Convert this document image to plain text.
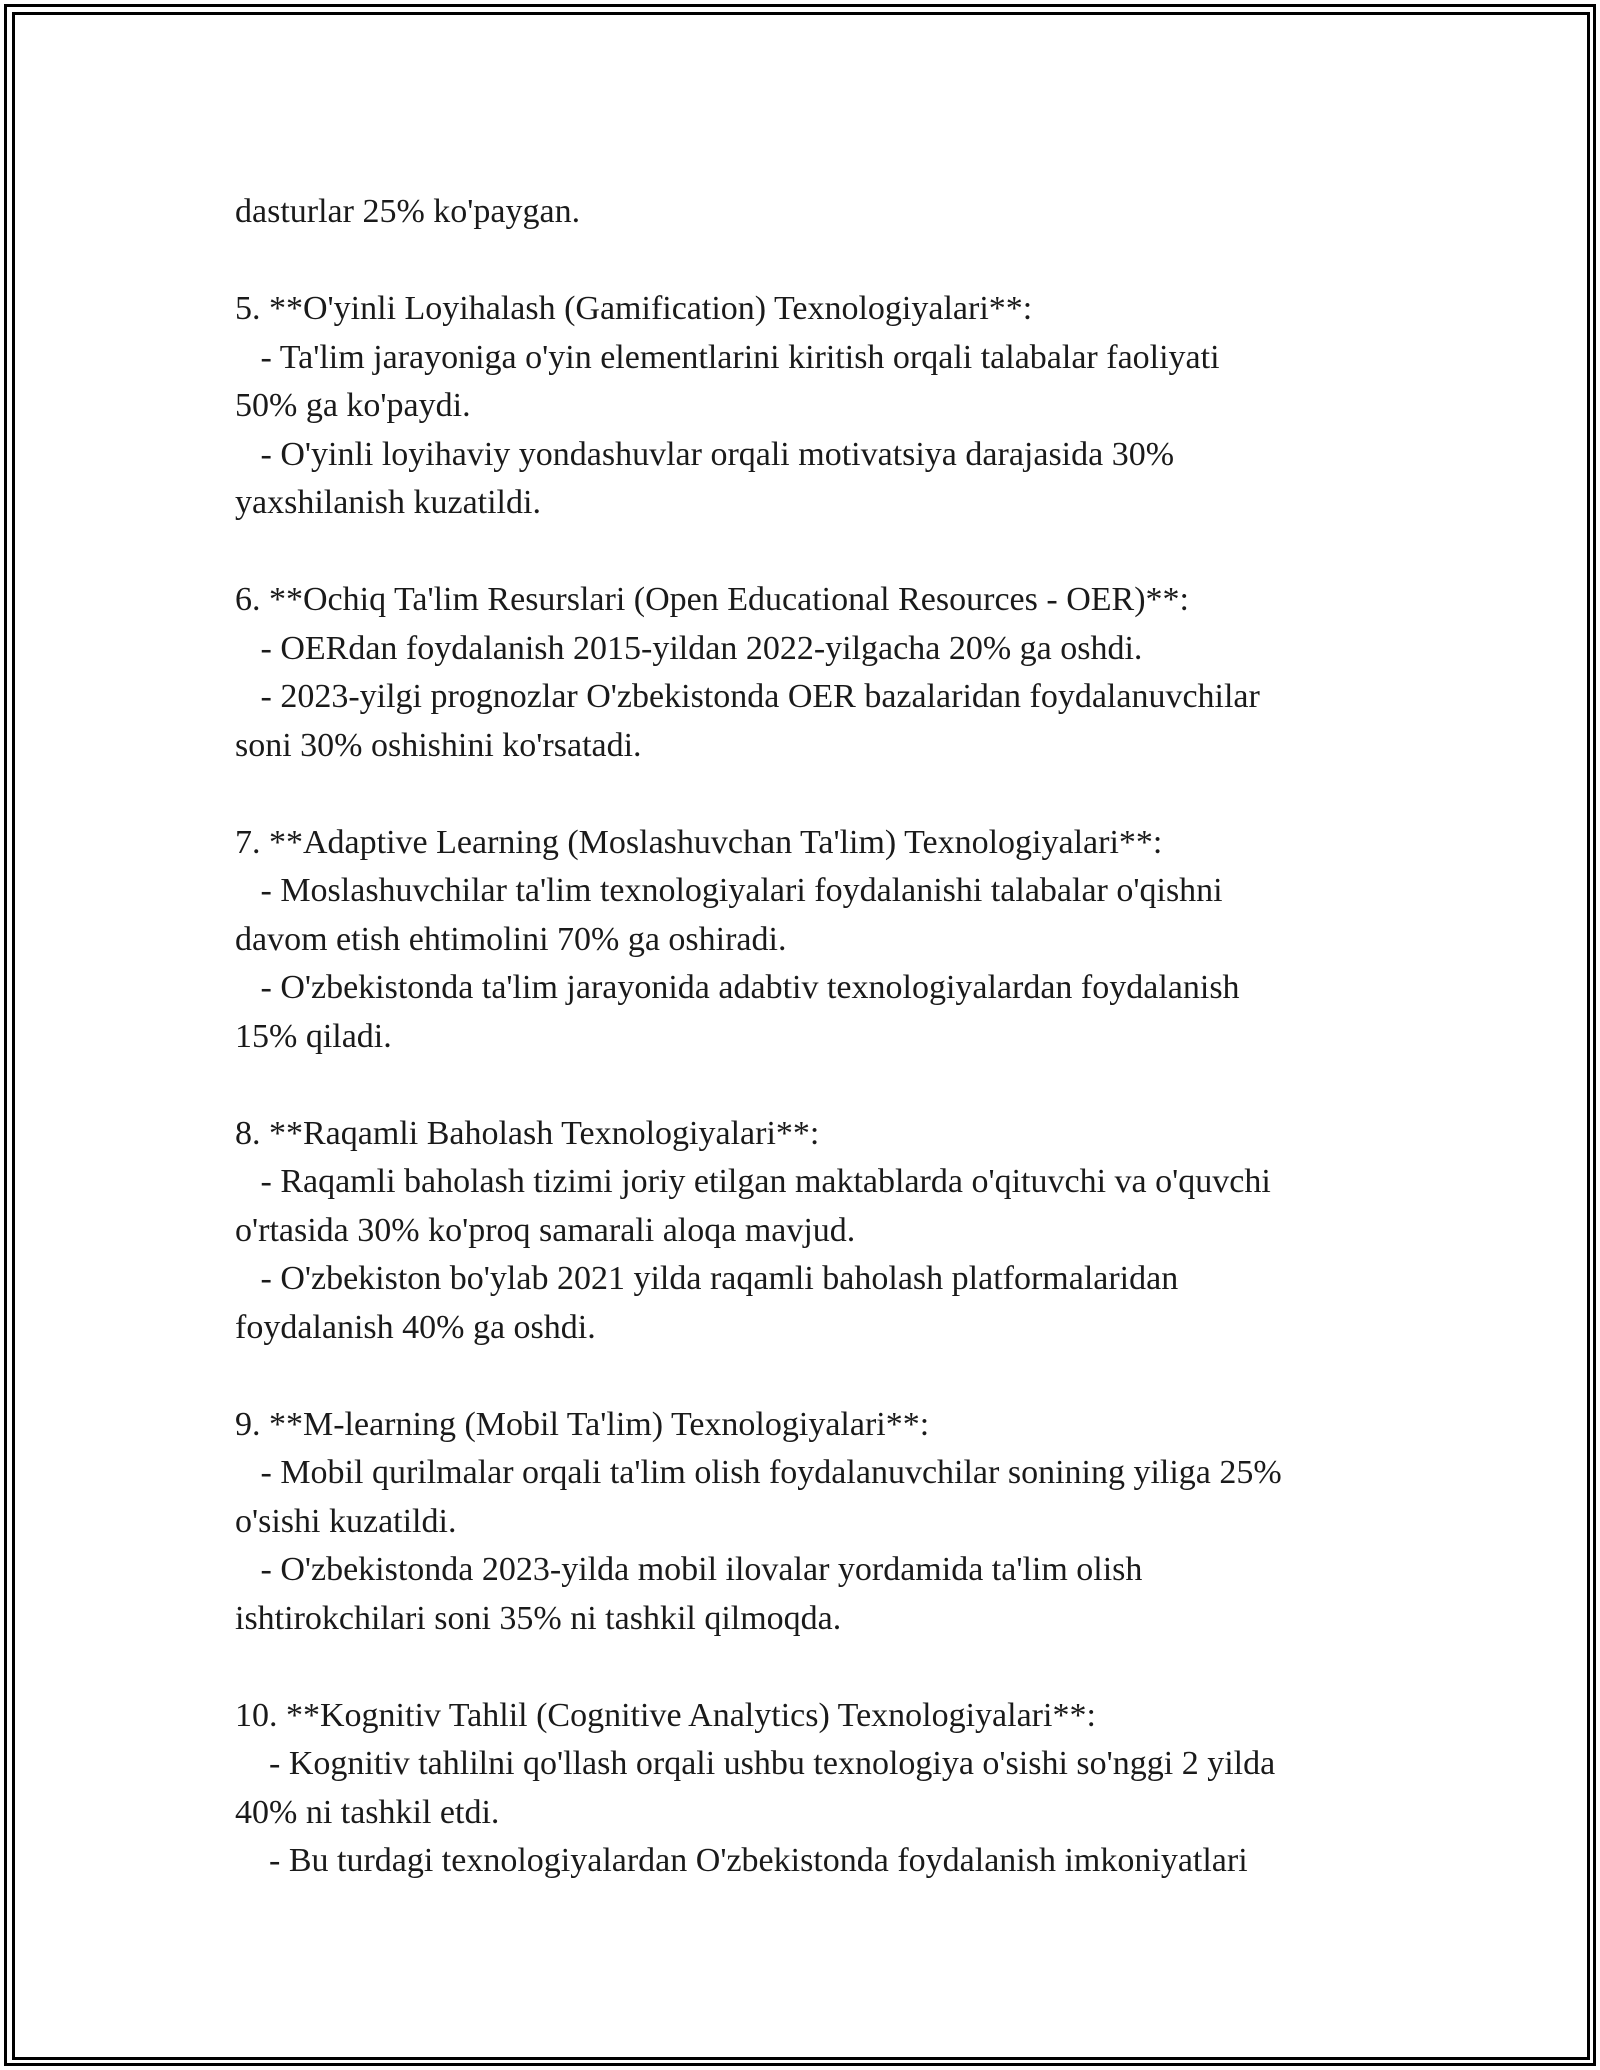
dasturlar 25% ko'paygan.
5. **O'yinli Loyihalash (Gamification) Texnologiyalari**:
- Ta'lim jarayoniga o'yin elementlarini kiritish orqali talabalar faoliyati
50% ga ko'paydi.
- O'yinli loyihaviy yondashuvlar orqali motivatsiya darajasida 30%
yaxshilanish kuzatildi.
6. **Ochiq Ta'lim Resurslari (Open Educational Resources - OER)**:
- OERdan foydalanish 2015-yildan 2022-yilgacha 20% ga oshdi.
- 2023-yilgi prognozlar O'zbekistonda OER bazalaridan foydalanuvchilar
soni 30% oshishini ko'rsatadi.
7. **Adaptive Learning (Moslashuvchan Ta'lim) Texnologiyalari**:
- Moslashuvchilar ta'lim texnologiyalari foydalanishi talabalar o'qishni
davom etish ehtimolini 70% ga oshiradi.
- O'zbekistonda ta'lim jarayonida adabtiv texnologiyalardan foydalanish
15% qiladi.
8. **Raqamli Baholash Texnologiyalari**:
- Raqamli baholash tizimi joriy etilgan maktablarda o'qituvchi va o'quvchi
o'rtasida 30% ko'proq samarali aloqa mavjud.
- O'zbekiston bo'ylab 2021 yilda raqamli baholash platformalaridan
foydalanish 40% ga oshdi.
9. **M-learning (Mobil Ta'lim) Texnologiyalari**:
- Mobil qurilmalar orqali ta'lim olish foydalanuvchilar sonining yiliga 25%
o'sishi kuzatildi.
- O'zbekistonda 2023-yilda mobil ilovalar yordamida ta'lim olish
ishtirokchilari soni 35% ni tashkil qilmoqda.
10. **Kognitiv Tahlil (Cognitive Analytics) Texnologiyalari**:
- Kognitiv tahlilni qo'llash orqali ushbu texnologiya o'sishi so'nggi 2 yilda
40% ni tashkil etdi.
- Bu turdagi texnologiyalardan O'zbekistonda foydalanish imkoniyatlari
